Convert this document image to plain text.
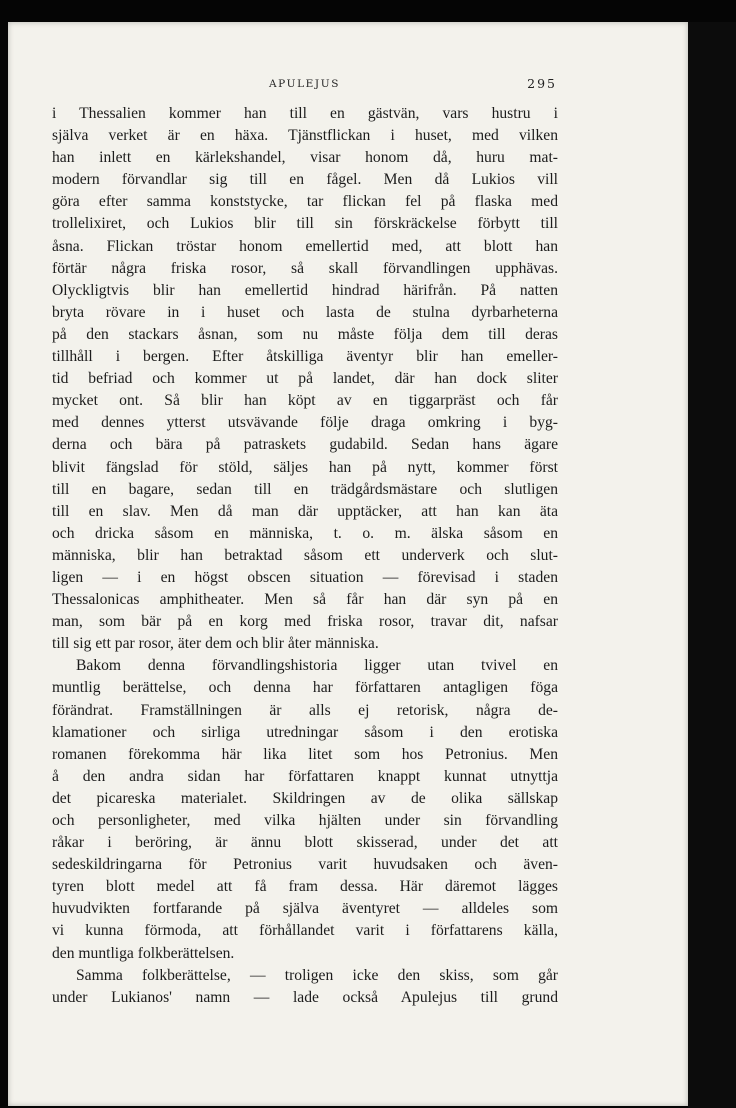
APULEJUS	295
i Thessalien kommer han till en gästvän, vars hustru i
själva verket är en häxa. Tjänstflickan i huset, med vilken
han inlett en kärlekshandel, visar honom då, huru mat-
modern förvandlar sig till en fågel. Men då Lukios vill
göra efter samma konststycke, tar flickan fel på flaska med
trollelixiret, och Lukios blir till sin förskräckelse förbytt till
åsna. Flickan tröstar honom emellertid med, att blott han
förtär några friska rosor, så skall förvandlingen upphävas.
Olyckligtvis blir han emellertid hindrad härifrån. På natten
bryta rövare in i huset och lasta de stulna dyrbarheterna
på den stackars åsnan, som nu måste följa dem till deras
tillhåll i bergen. Efter åtskilliga äventyr blir han emeller-
tid befriad och kommer ut på landet, där han dock sliter
mycket ont. Så blir han köpt av en tiggarpräst och får
med dennes ytterst utsvävande följe draga omkring i byg-
derna och bära på patraskets gudabild. Sedan hans ägare
blivit fängslad för stöld, säljes han på nytt, kommer först
till en bagare, sedan till en trädgårdsmästare och slutligen
till en slav. Men då man där upptäcker, att han kan äta
och dricka såsom en människa, t. o. m. älska såsom en
människa, blir han betraktad såsom ett underverk och slut-
ligen — i en högst obscen situation — förevisad i staden
Thessalonicas amphitheater. Men så får han där syn på en
man, som bär på en korg med friska rosor, travar dit, nafsar
till sig ett par rosor, äter dem och blir åter människa.
Bakom denna förvandlingshistoria ligger utan tvivel en
muntlig berättelse, och denna har författaren antagligen föga
förändrat. Framställningen är alls ej retorisk, några de-
klamationer och sirliga utredningar såsom i den erotiska
romanen förekomma här lika litet som hos Petronius. Men
å den andra sidan har författaren knappt kunnat utnyttja
det picareska materialet. Skildringen av de olika sällskap
och personligheter, med vilka hjälten under sin förvandling
råkar i beröring, är ännu blott skisserad, under det att
sedeskildringarna för Petronius varit huvudsaken och även-
tyren blott medel att få fram dessa. Här däremot lägges
huvudvikten fortfarande på själva äventyret — alldeles som
vi kunna förmoda, att förhållandet varit i författarens källa,
den muntliga folkberättelsen.
Samma folkberättelse, — troligen icke den skiss, som går
under Lukianos' namn — lade också Apulejus till grund
